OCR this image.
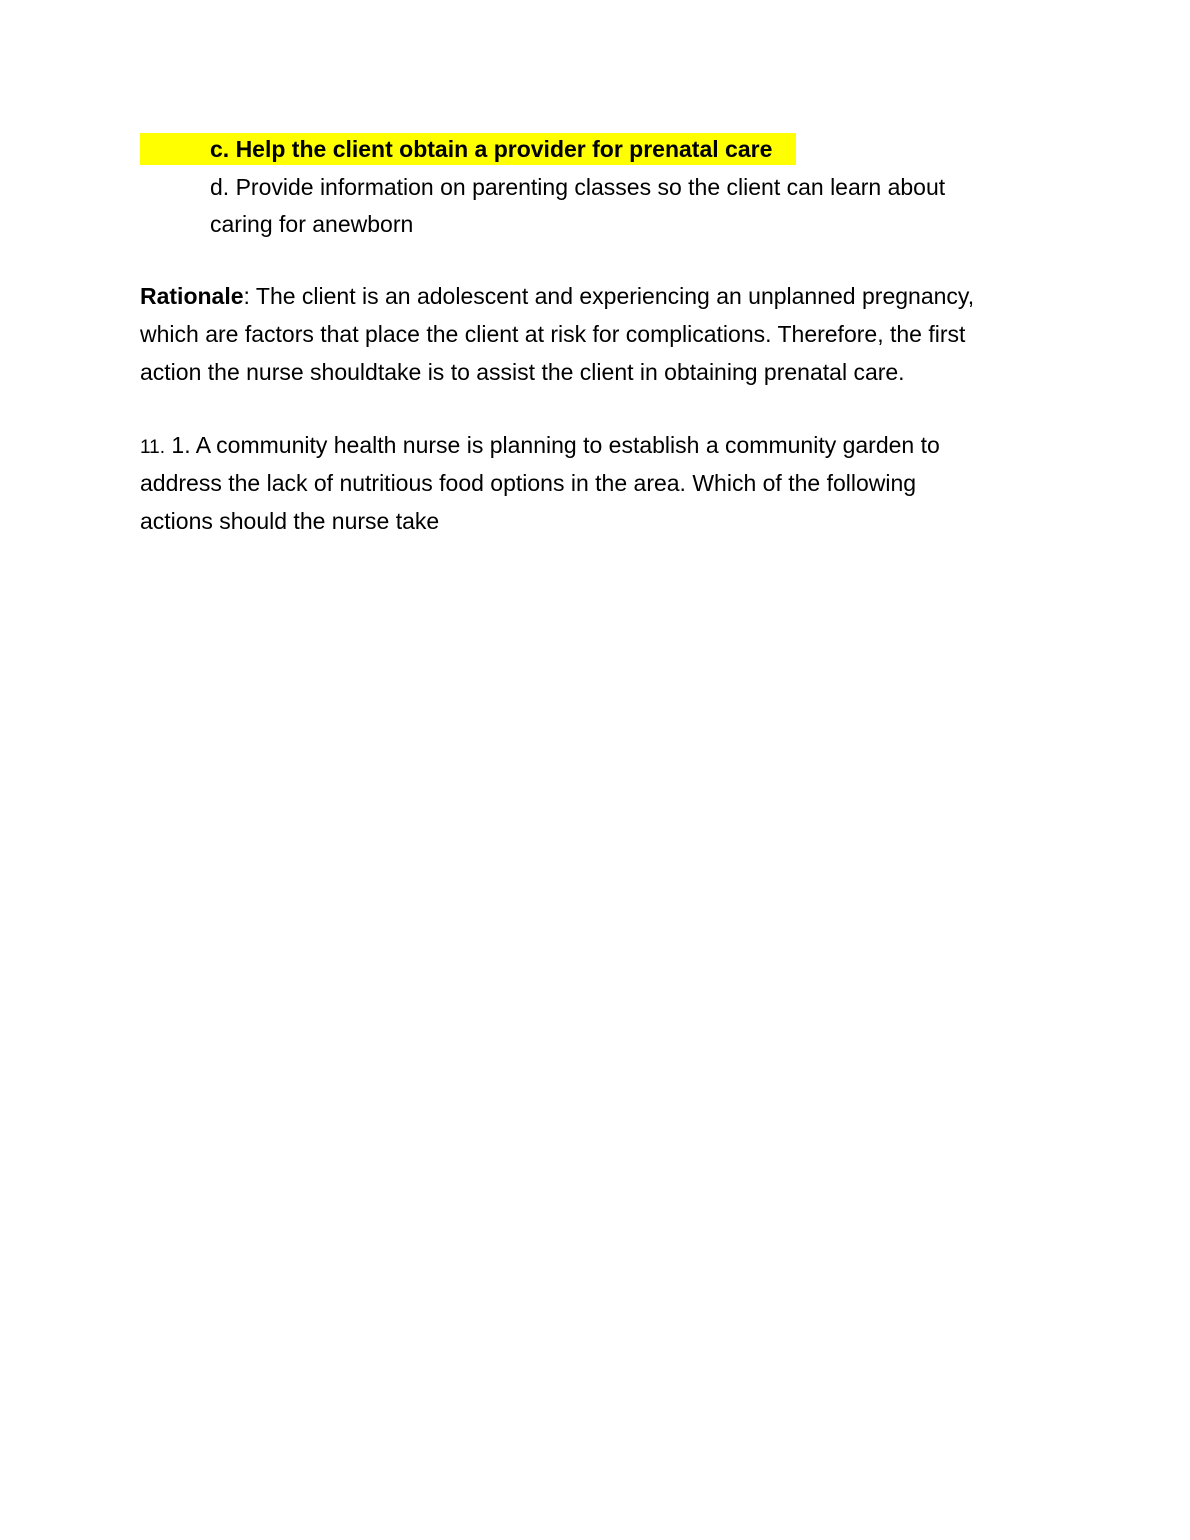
c. Help the client obtain a provider for prenatal care
d. Provide information on parenting classes so the client can learn about
caring for anewborn
Rationale: The client is an adolescent and experiencing an unplanned pregnancy,
which are factors that place the client at risk for complications. Therefore, the first
action the nurse shouldtake is to assist the client in obtaining prenatal care.
11. 1. A community health nurse is planning to establish a community garden to
address the lack of nutritious food options in the area. Which of the following
actions should the nurse take
